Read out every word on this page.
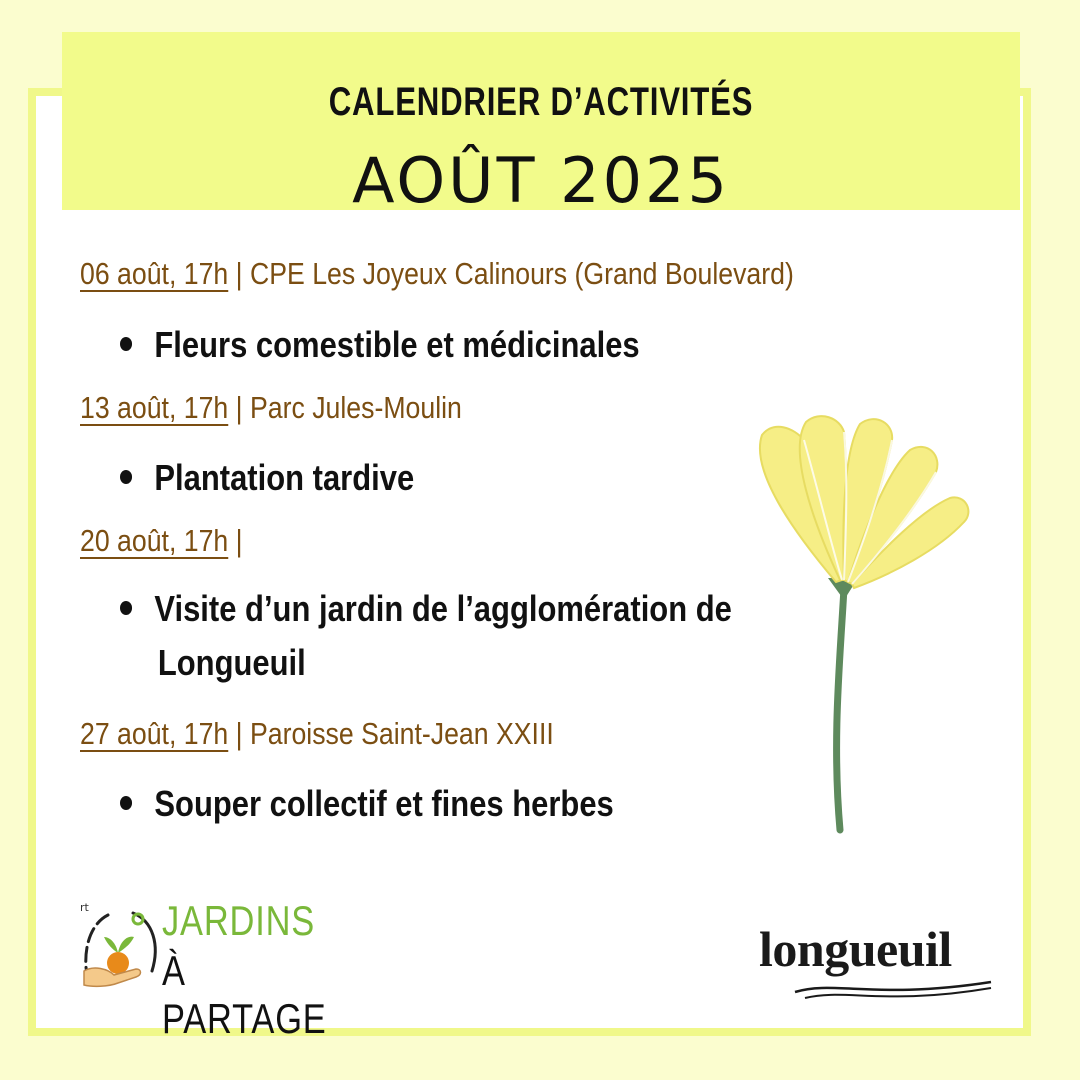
CALENDRIER D’ACTIVITÉS
AOÛT 2025
06 août, 17h | CPE Les Joyeux Calinours (Grand Boulevard)
Fleurs comestible et médicinales
13 août, 17h | Parc Jules-Moulin
Plantation tardive
20 août, 17h |
Visite d’un jardin de l’agglomération de
Longueuil
27 août, 17h | Paroisse Saint-Jean XXIII
Souper collectif et fines herbes
rt JARDINS
À PARTAGE
longueuil
